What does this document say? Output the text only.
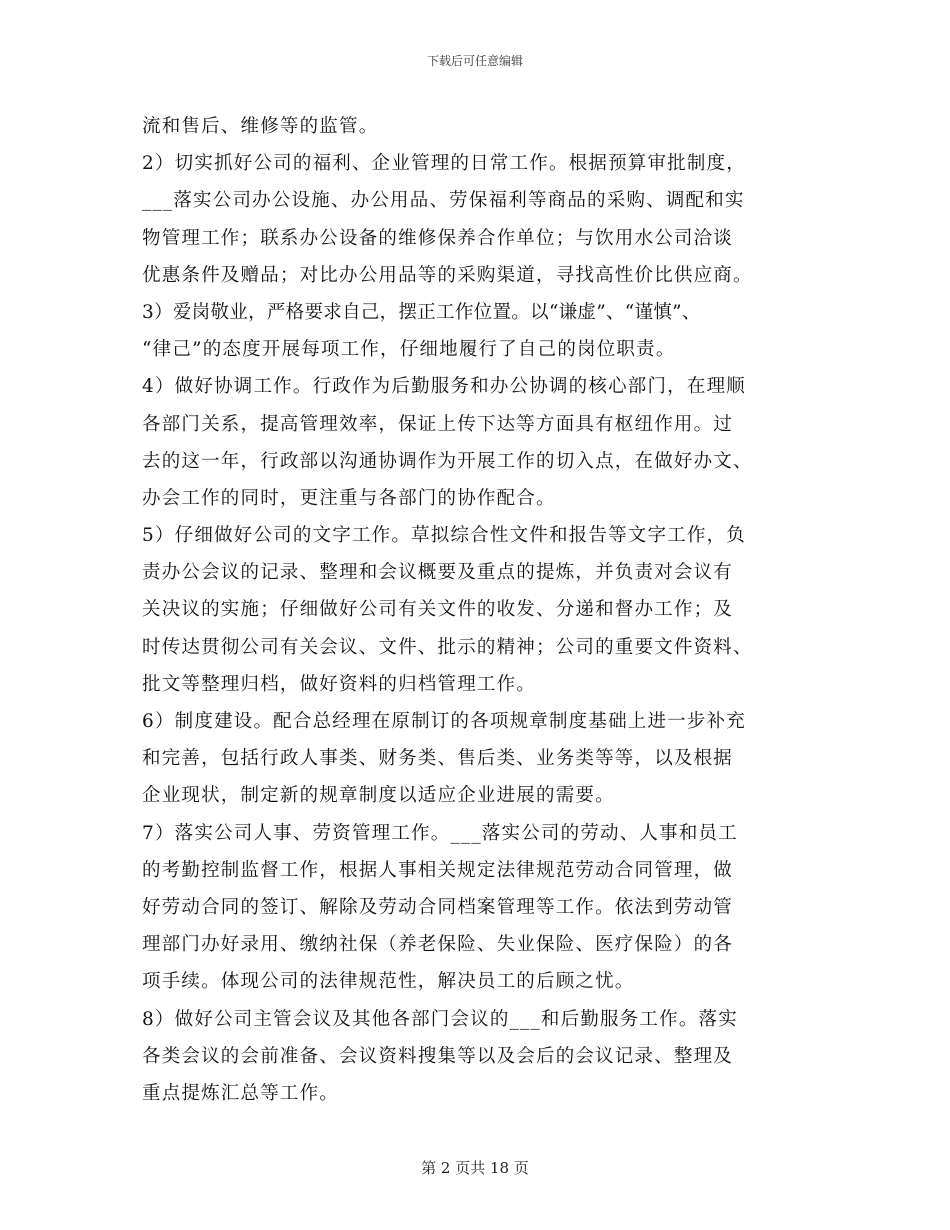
下载后可任意编辑
流和售后、维修等的监管。
2）切实抓好公司的福利、企业管理的日常工作。根据预算审批制度，
___落实公司办公设施、办公用品、劳保福利等商品的采购、调配和实
物管理工作；联系办公设备的维修保养合作单位；与饮用水公司洽谈
优惠条件及赠品；对比办公用品等的采购渠道，寻找高性价比供应商。
3）爱岗敬业，严格要求自己，摆正工作位置。以“谦虚”、“谨慎”、
“律己”的态度开展每项工作，仔细地履行了自己的岗位职责。
4）做好协调工作。行政作为后勤服务和办公协调的核心部门，在理顺
各部门关系，提高管理效率，保证上传下达等方面具有枢纽作用。过
去的这一年，行政部以沟通协调作为开展工作的切入点，在做好办文、
办会工作的同时，更注重与各部门的协作配合。
5）仔细做好公司的文字工作。草拟综合性文件和报告等文字工作，负
责办公会议的记录、整理和会议概要及重点的提炼，并负责对会议有
关决议的实施；仔细做好公司有关文件的收发、分递和督办工作；及
时传达贯彻公司有关会议、文件、批示的精神；公司的重要文件资料、
批文等整理归档，做好资料的归档管理工作。
6）制度建设。配合总经理在原制订的各项规章制度基础上进一步补充
和完善，包括行政人事类、财务类、售后类、业务类等等，以及根据
企业现状，制定新的规章制度以适应企业进展的需要。
7）落实公司人事、劳资管理工作。___落实公司的劳动、人事和员工
的考勤控制监督工作，根据人事相关规定法律规范劳动合同管理，做
好劳动合同的签订、解除及劳动合同档案管理等工作。依法到劳动管
理部门办好录用、缴纳社保（养老保险、失业保险、医疗保险）的各
项手续。体现公司的法律规范性，解决员工的后顾之忧。
8）做好公司主管会议及其他各部门会议的___和后勤服务工作。落实
各类会议的会前准备、会议资料搜集等以及会后的会议记录、整理及
重点提炼汇总等工作。
第 2 页共 18 页
